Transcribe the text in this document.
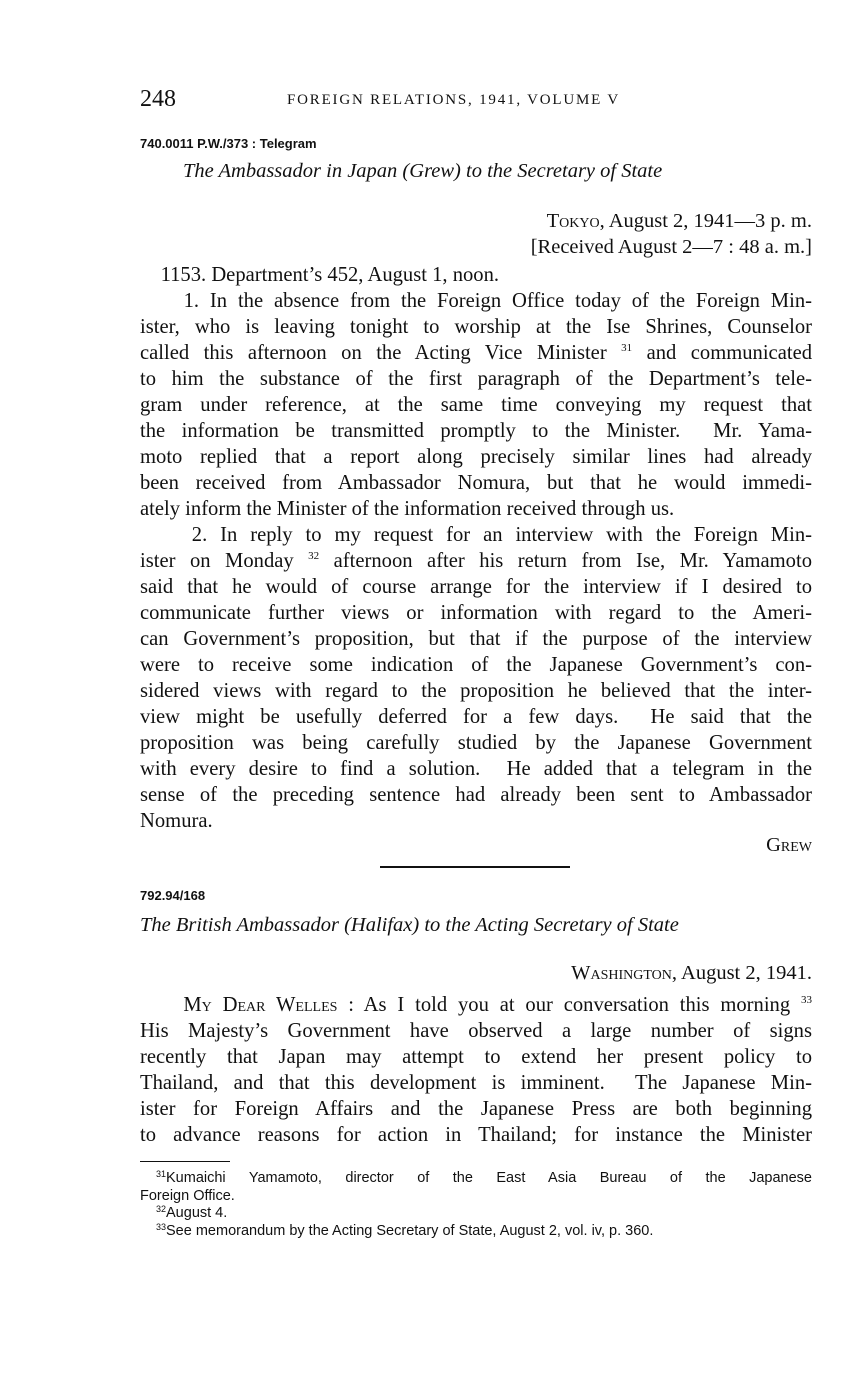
248	FOREIGN RELATIONS, 1941, VOLUME V
740.0011 P.W./373 : Telegram
The Ambassador in Japan (Grew) to the Secretary of State
Tokyo, August 2, 1941—3 p. m.
[Received August 2—7 : 48 a. m.]
1153. Department’s 452, August 1, noon.
1. In the absence from the Foreign Office today of the Foreign Min-
ister, who is leaving tonight to worship at the Ise Shrines, Counselor
called this afternoon on the Acting Vice Minister $^{31}$ and communicated
to him the substance of the first paragraph of the Department’s tele-
gram under reference, at the same time conveying my request that
the information be transmitted promptly to the Minister.  Mr. Yama-
moto replied that a report along precisely similar lines had already
been received from Ambassador Nomura, but that he would immedi-
ately inform the Minister of the information received through us.
2. In reply to my request for an interview with the Foreign Min-
ister on Monday $^{32}$ afternoon after his return from Ise, Mr. Yamamoto
said that he would of course arrange for the interview if I desired to
communicate further views or information with regard to the Ameri-
can Government’s proposition, but that if the purpose of the interview
were to receive some indication of the Japanese Government’s con-
sidered views with regard to the proposition he believed that the inter-
view might be usefully deferred for a few days.  He said that the
proposition was being carefully studied by the Japanese Government
with every desire to find a solution.  He added that a telegram in the
sense of the preceding sentence had already been sent to Ambassador
Nomura.
Grew
792.94/168
The British Ambassador (Halifax) to the Acting Secretary of State
Washington, August 2, 1941.
My Dear Welles : As I told you at our conversation this morning $^{33}$
His Majesty’s Government have observed a large number of signs
recently that Japan may attempt to extend her present policy to
Thailand, and that this development is imminent.  The Japanese Min-
ister for Foreign Affairs and the Japanese Press are both beginning
to advance reasons for action in Thailand; for instance the Minister
$^{31}$Kumaichi Yamamoto, director of the East Asia Bureau of the Japanese
Foreign Office.
$^{32}$August 4.
$^{33}$See memorandum by the Acting Secretary of State, August 2, vol. iv, p. 360.
